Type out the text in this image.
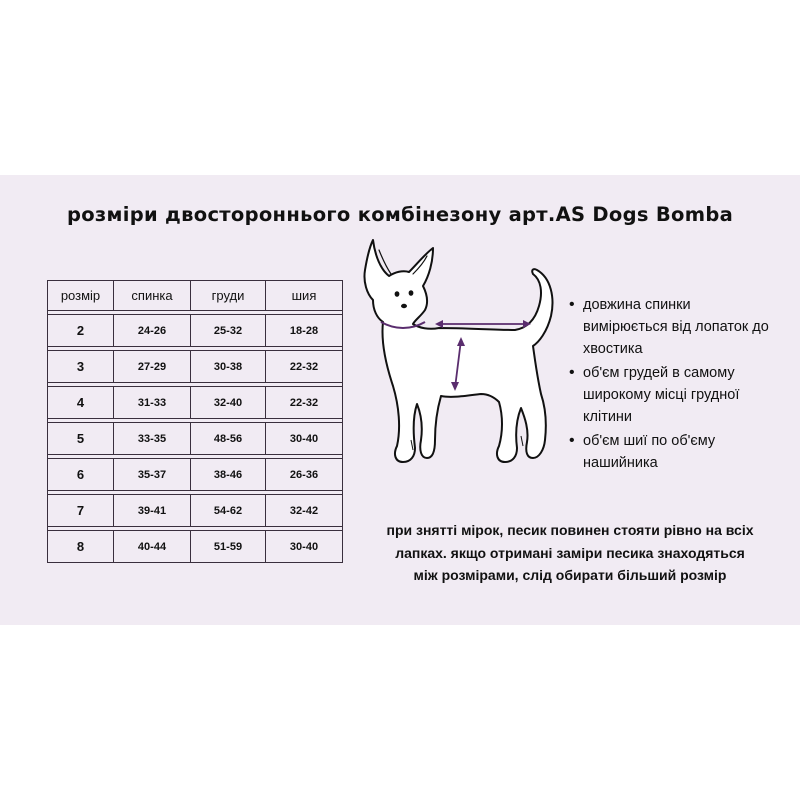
розміри двостороннього комбінезону арт.AS Dogs Bomba
розмір	спинка	груди	шия

2	24-26	25-32	18-28

3	27-29	30-38	22-32

4	31-33	32-40	22-32

5	33-35	48-56	30-40

6	35-37	38-46	26-36

7	39-41	54-62	32-42

8	40-44	51-59	30-40
• довжина спинки
вимірюється від лопаток до
хвостика
• об'єм грудей в самому
широкому місці грудної
клітини
• об'єм шиї по об'єму
нашийника
при знятті мірок, песик повинен стояти рівно на всіх
лапках. якщо отримані заміри песика знаходяться
між розмірами, слід обирати більший розмір
